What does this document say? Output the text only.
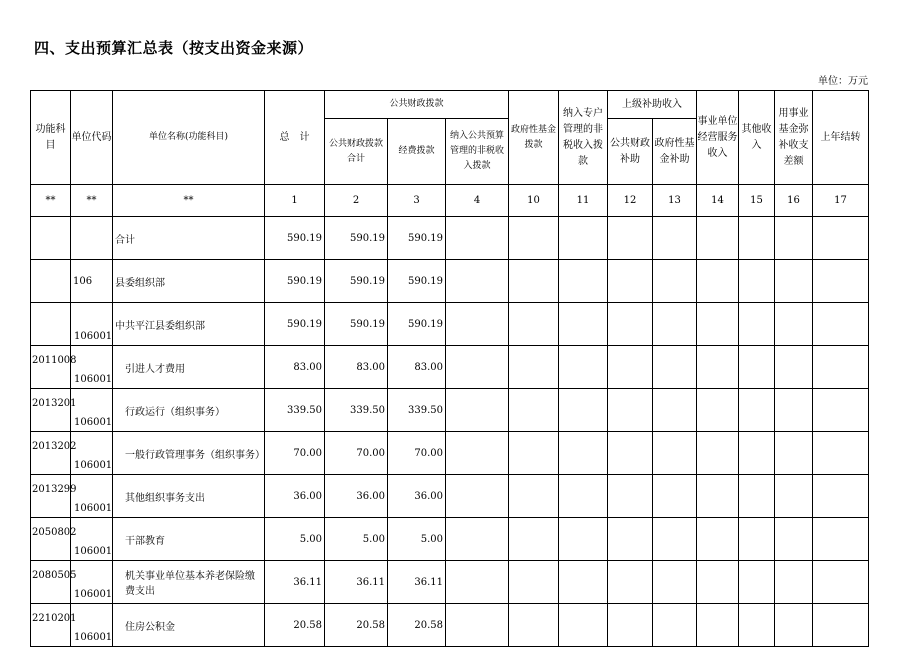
四、支出预算汇总表（按支出资金来源）
单位：万元
功能科目	单位代码	单位名称(功能科目)	总　计	公共财政拨款			政府性基金拨款	纳入专户管理的非税收入拨款	上级补助收入		事业单位经营服务收入	其他收入	用事业基金弥补收支差额	上年结转
				公共财政拨款合计	经费拨款	纳入公共预算管理的非税收入拨款			公共财政补助	政府性基金补助				
**	**	**	1	2	3	4	10	11	12	13	14	15	16	17
		合计	590.19	590.19	590.19									
	106	县委组织部	590.19	590.19	590.19									
	106001	中共平江县委组织部	590.19	590.19	590.19									
2011008	106001	引进人才费用	83.00	83.00	83.00									
2013201	106001	行政运行（组织事务）	339.50	339.50	339.50									
2013202	106001	一般行政管理事务（组织事务）	70.00	70.00	70.00									
2013299	106001	其他组织事务支出	36.00	36.00	36.00									
2050802	106001	干部教育	5.00	5.00	5.00									
2080505	106001	机关事业单位基本养老保险缴费支出	36.11	36.11	36.11									
2210201	106001	住房公积金	20.58	20.58	20.58									
